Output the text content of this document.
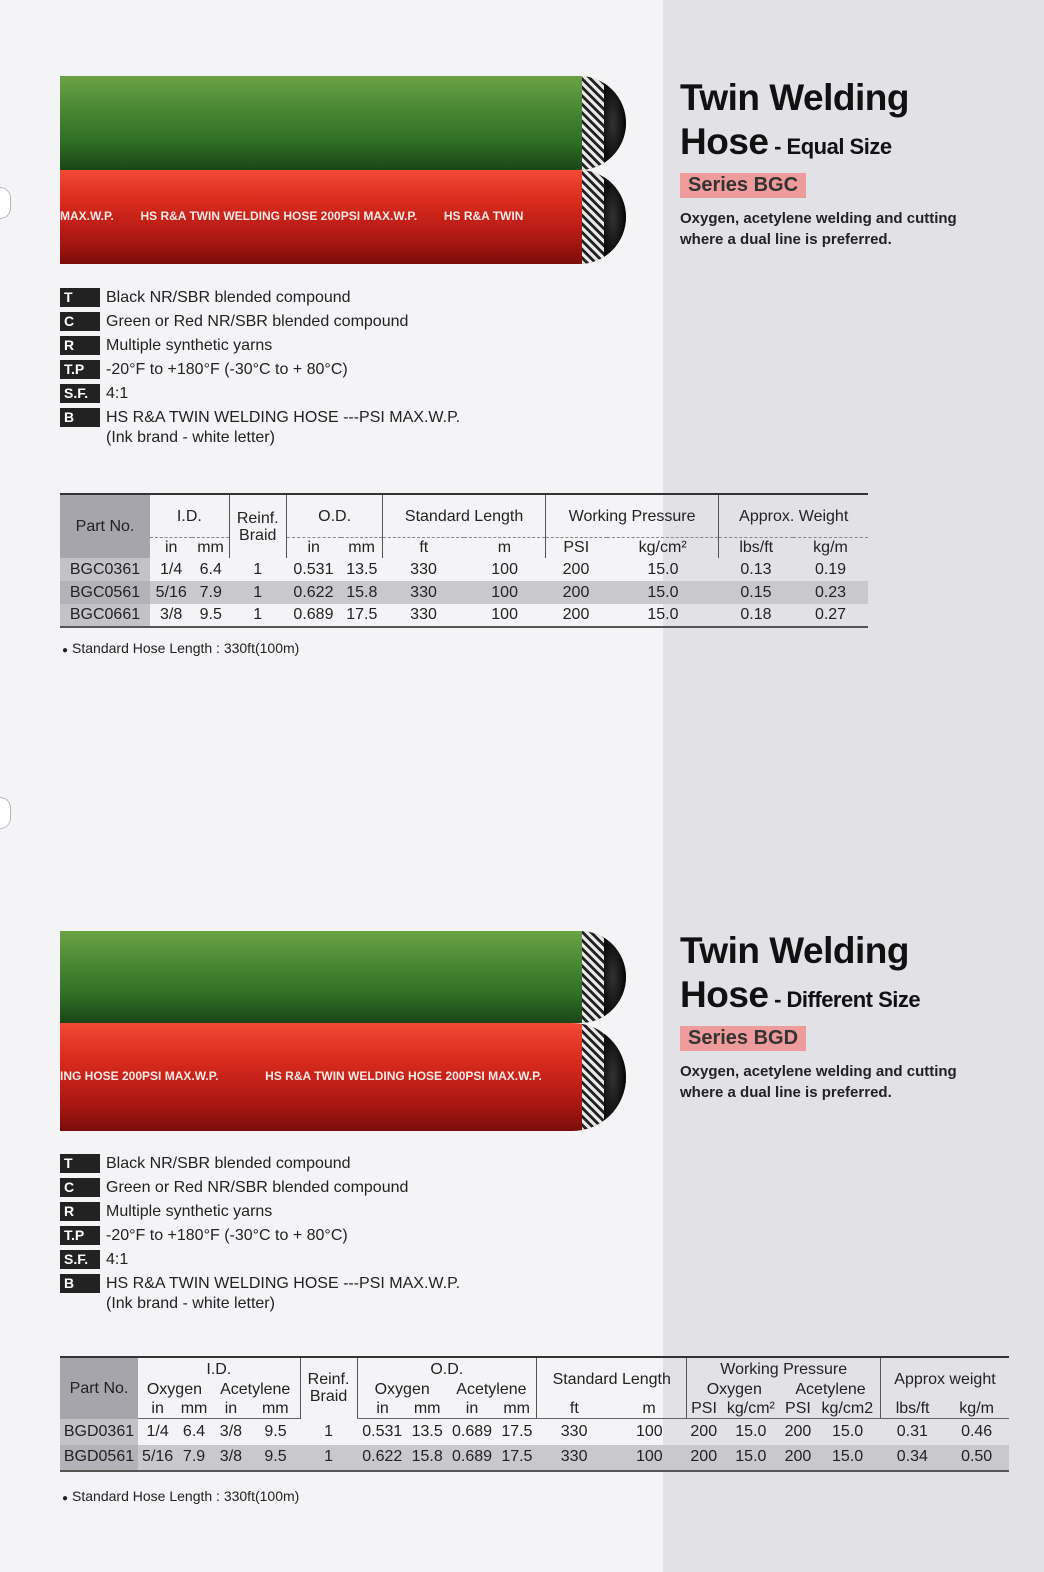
MAX.W.P.        HS R&A TWIN WELDING HOSE 200PSI MAX.W.P.        HS R&A TWIN
Twin Welding
Hose - Equal Size
Series BGC
Oxygen, acetylene welding and cutting
where a dual line is preferred.
T	Black NR/SBR blended compound
C	Green or Red NR/SBR blended compound
R	Multiple synthetic yarns
T.P	-20°F to +180°F (-30°C to + 80°C)
S.F.	4:1
B	HS R&A TWIN WELDING HOSE ---PSI MAX.W.P.
(Ink brand - white letter)
Part No.	I.D.		Reinf. Braid	O.D.		Standard Length		Working Pressure		Approx. Weight	
	in	mm		in	mm	ft	m	PSI	kg/cm²	lbs/ft	kg/m
BGC0361	1/4	6.4	1	0.531	13.5	330	100	200	15.0	0.13	0.19
BGC0561	5/16	7.9	1	0.622	15.8	330	100	200	15.0	0.15	0.23
BGC0661	3/8	9.5	1	0.689	17.5	330	100	200	15.0	0.18	0.27
● Standard Hose Length : 330ft(100m)
ING HOSE 200PSI MAX.W.P.              HS R&A TWIN WELDING HOSE 200PSI MAX.W.P.
Twin Welding
Hose - Different Size
Series BGD
Oxygen, acetylene welding and cutting
where a dual line is preferred.
T	Black NR/SBR blended compound
C	Green or Red NR/SBR blended compound
R	Multiple synthetic yarns
T.P	-20°F to +180°F (-30°C to + 80°C)
S.F.	4:1
B	HS R&A TWIN WELDING HOSE ---PSI MAX.W.P.
(Ink brand - white letter)
Part No.	I.D.				Reinf. Braid	O.D.				Standard Length		Working Pressure				Approx weight	
	Oxygen		Acetylene			Oxygen		Acetylene				Oxygen		Acetylene			
	in	mm	in	mm		in	mm	in	mm	ft	m	PSI	kg/cm²	PSI	kg/cm2	lbs/ft	kg/m
BGD0361	1/4	6.4	3/8	9.5	1	0.531	13.5	0.689	17.5	330	100	200	15.0	200	15.0	0.31	0.46
BGD0561	5/16	7.9	3/8	9.5	1	0.622	15.8	0.689	17.5	330	100	200	15.0	200	15.0	0.34	0.50
● Standard Hose Length : 330ft(100m)
